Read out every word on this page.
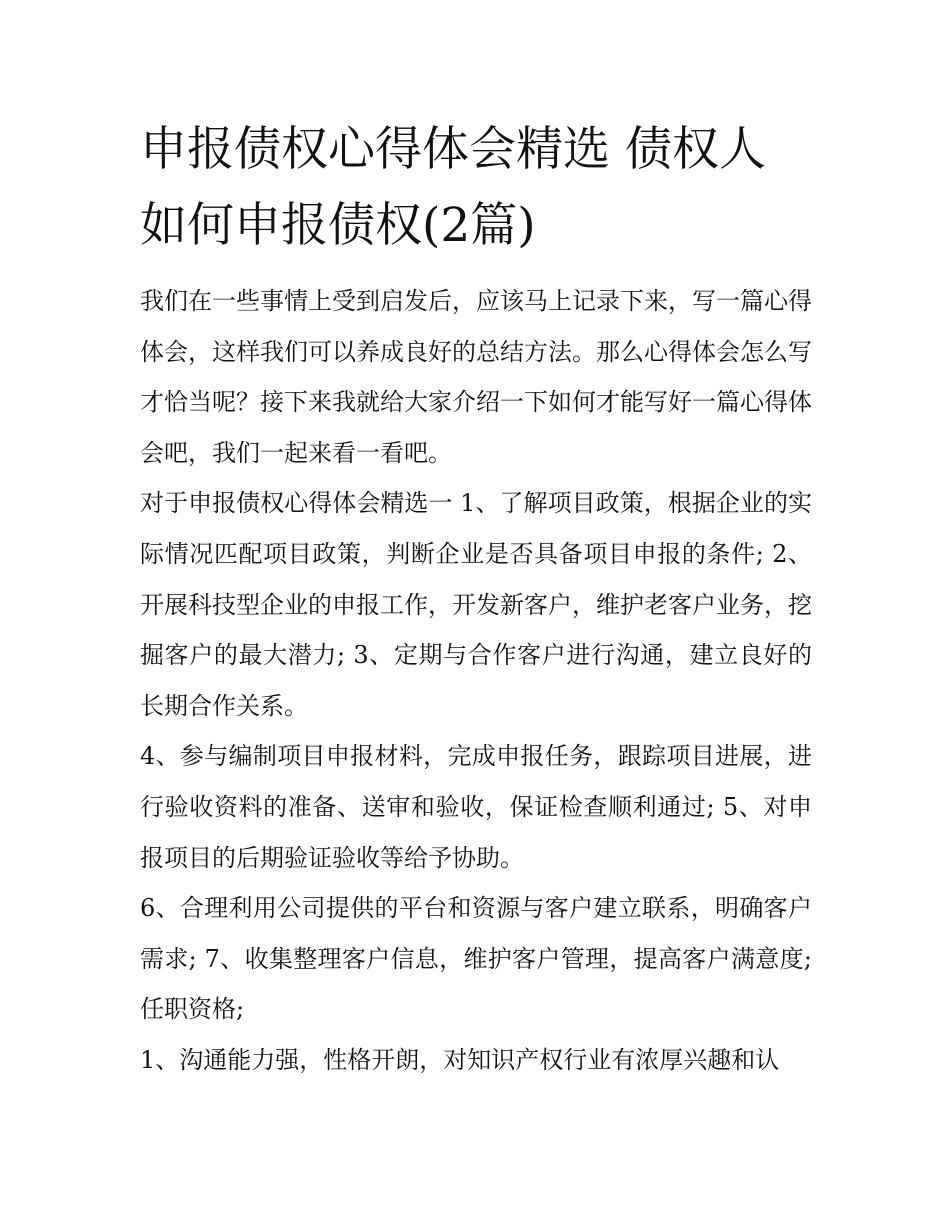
申报债权心得体会精选 债权人如何申报债权(2篇)

我们在一些事情上受到启发后，应该马上记录下来，写一篇心得体会，这样我们可以养成良好的总结方法。那么心得体会怎么写才恰当呢？接下来我就给大家介绍一下如何才能写好一篇心得体会吧，我们一起来看一看吧。

对于申报债权心得体会精选一 1、了解项目政策，根据企业的实际情况匹配项目政策，判断企业是否具备项目申报的条件; 2、开展科技型企业的申报工作，开发新客户，维护老客户业务，挖掘客户的最大潜力; 3、定期与合作客户进行沟通，建立良好的长期合作关系。

4、参与编制项目申报材料，完成申报任务，跟踪项目进展，进行验收资料的准备、送审和验收，保证检查顺利通过; 5、对申报项目的后期验证验收等给予协助。

6、合理利用公司提供的平台和资源与客户建立联系，明确客户需求; 7、收集整理客户信息，维护客户管理，提高客户满意度; 任职资格;

1、沟通能力强，性格开朗，对知识产权行业有浓厚兴趣和认
